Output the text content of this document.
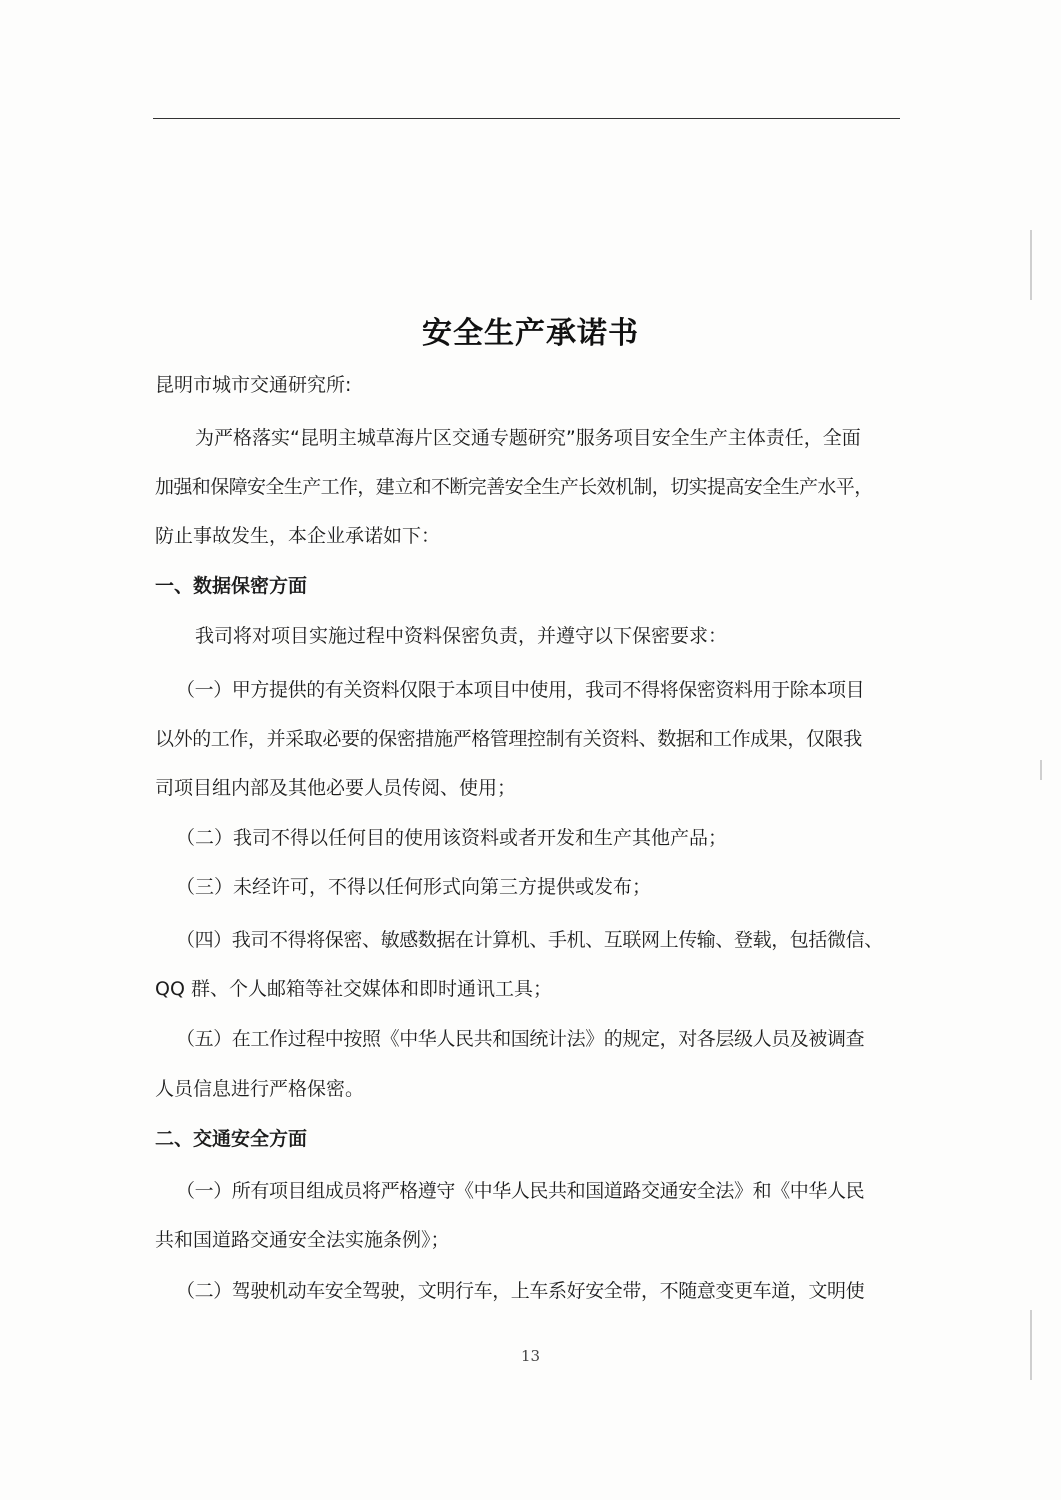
安全生产承诺书
昆明市城市交通研究所:
为严格落实“昆明主城草海片区交通专题研究”服务项目安全生产主体责任，全面
加强和保障安全生产工作，建立和不断完善安全生产长效机制，切实提高安全生产水平，
防止事故发生，本企业承诺如下：
一、数据保密方面
我司将对项目实施过程中资料保密负责，并遵守以下保密要求：
（一）甲方提供的有关资料仅限于本项目中使用，我司不得将保密资料用于除本项目
以外的工作，并采取必要的保密措施严格管理控制有关资料、数据和工作成果，仅限我
司项目组内部及其他必要人员传阅、使用；
（二）我司不得以任何目的使用该资料或者开发和生产其他产品；
（三）未经许可，不得以任何形式向第三方提供或发布；
（四）我司不得将保密、敏感数据在计算机、手机、互联网上传输、登载，包括微信、
QQ 群、个人邮箱等社交媒体和即时通讯工具；
（五）在工作过程中按照《中华人民共和国统计法》的规定，对各层级人员及被调查
人员信息进行严格保密。
二、交通安全方面
（一）所有项目组成员将严格遵守《中华人民共和国道路交通安全法》和《中华人民
共和国道路交通安全法实施条例》；
（二）驾驶机动车安全驾驶，文明行车，上车系好安全带，不随意变更车道，文明使
13
